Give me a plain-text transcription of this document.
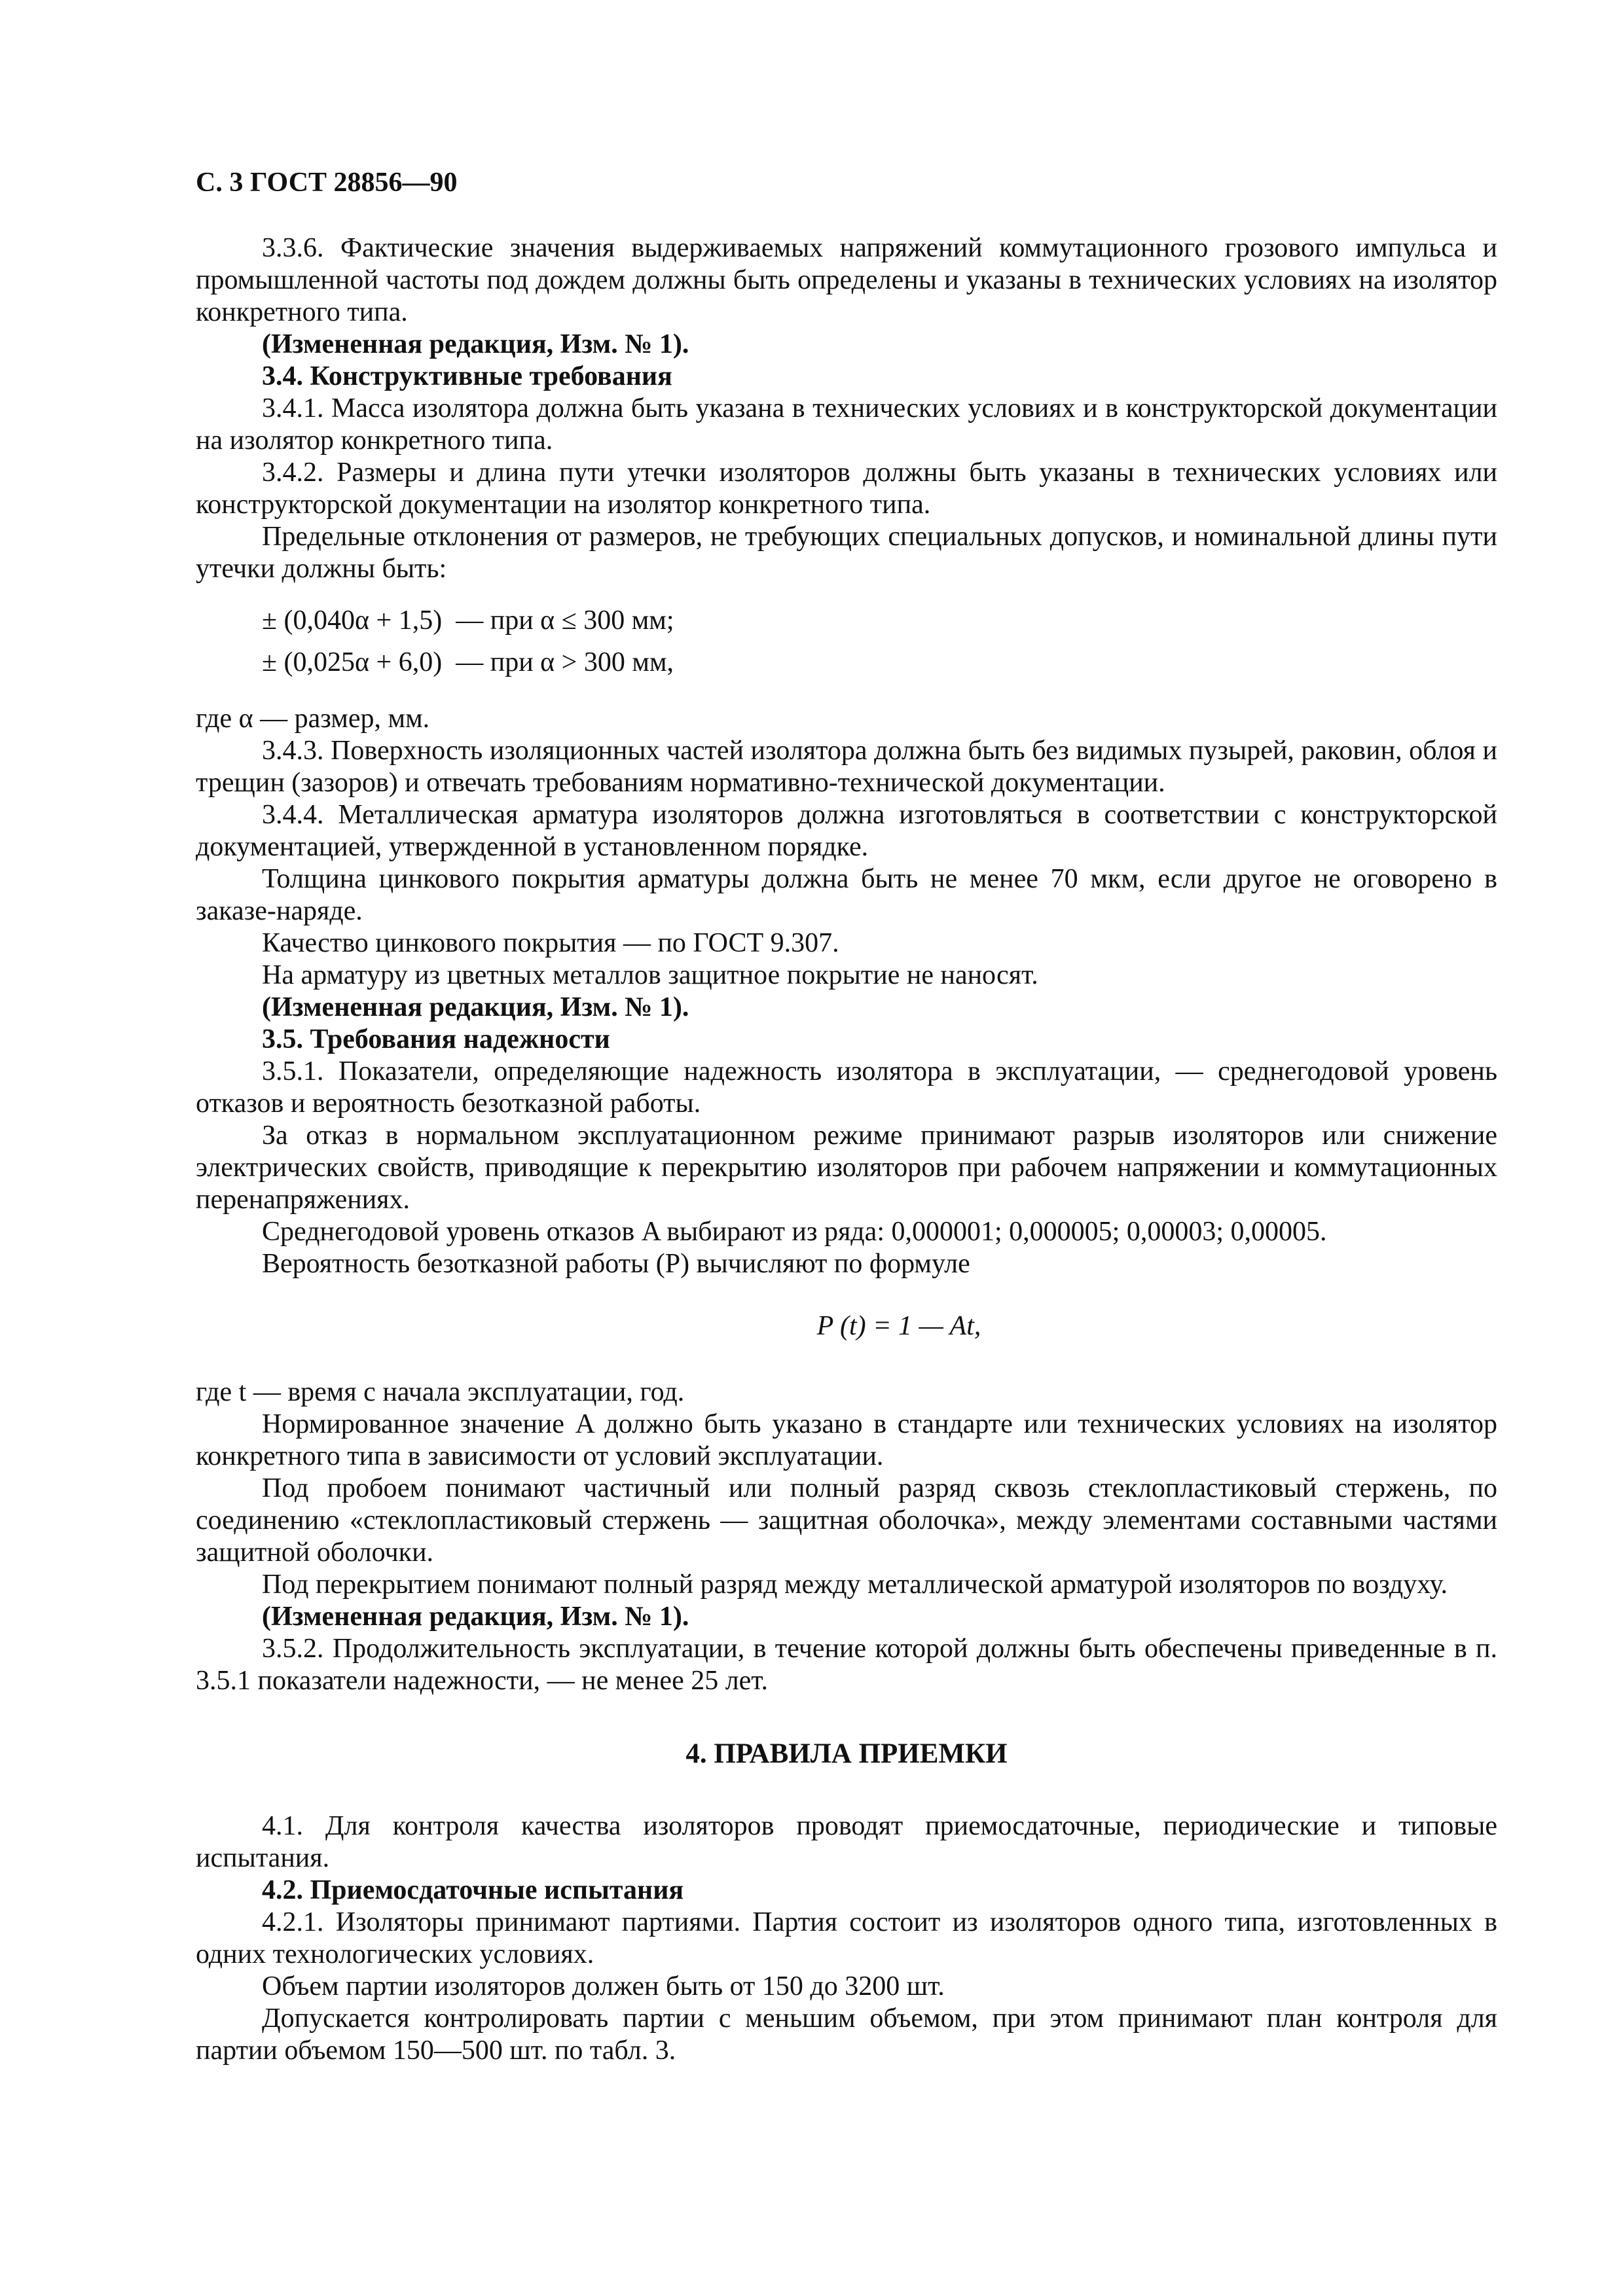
С. 3 ГОСТ 28856—90
3.3.6. Фактические значения выдерживаемых напряжений коммутационного грозового импульса и промышленной частоты под дождем должны быть определены и указаны в технических условиях на изолятор конкретного типа.
(Измененная редакция, Изм. № 1).
3.4. Конструктивные требования
3.4.1. Масса изолятора должна быть указана в технических условиях и в конструкторской документации на изолятор конкретного типа.
3.4.2. Размеры и длина пути утечки изоляторов должны быть указаны в технических условиях или конструкторской документации на изолятор конкретного типа.
Предельные отклонения от размеров, не требующих специальных допусков, и номинальной длины пути утечки должны быть:
± (0,040α + 1,5)  — при α ≤ 300 мм;
± (0,025α + 6,0)  — при α > 300 мм,
где α — размер, мм.
3.4.3. Поверхность изоляционных частей изолятора должна быть без видимых пузырей, раковин, облоя и трещин (зазоров) и отвечать требованиям нормативно-технической документации.
3.4.4. Металлическая арматура изоляторов должна изготовляться в соответствии с конструкторской документацией, утвержденной в установленном порядке.
Толщина цинкового покрытия арматуры должна быть не менее 70 мкм, если другое не оговорено в заказе-наряде.
Качество цинкового покрытия — по ГОСТ 9.307.
На арматуру из цветных металлов защитное покрытие не наносят.
(Измененная редакция, Изм. № 1).
3.5. Требования надежности
3.5.1. Показатели, определяющие надежность изолятора в эксплуатации, — среднегодовой уровень отказов и вероятность безотказной работы.
За отказ в нормальном эксплуатационном режиме принимают разрыв изоляторов или снижение электрических свойств, приводящие к перекрытию изоляторов при рабочем напряжении и коммутационных перенапряжениях.
Среднегодовой уровень отказов A выбирают из ряда: 0,000001; 0,000005; 0,00003; 0,00005.
Вероятность безотказной работы (P) вычисляют по формуле
P (t) = 1 — At,
где t — время с начала эксплуатации, год.
Нормированное значение A должно быть указано в стандарте или технических условиях на изолятор конкретного типа в зависимости от условий эксплуатации.
Под пробоем понимают частичный или полный разряд сквозь стеклопластиковый стержень, по соединению «стеклопластиковый стержень — защитная оболочка», между элементами составными частями защитной оболочки.
Под перекрытием понимают полный разряд между металлической арматурой изоляторов по воздуху.
(Измененная редакция, Изм. № 1).
3.5.2. Продолжительность эксплуатации, в течение которой должны быть обеспечены приведенные в п. 3.5.1 показатели надежности, — не менее 25 лет.
4. ПРАВИЛА ПРИЕМКИ
4.1. Для контроля качества изоляторов проводят приемосдаточные, периодические и типовые испытания.
4.2. Приемосдаточные испытания
4.2.1. Изоляторы принимают партиями. Партия состоит из изоляторов одного типа, изготовленных в одних технологических условиях.
Объем партии изоляторов должен быть от 150 до 3200 шт.
Допускается контролировать партии с меньшим объемом, при этом принимают план контроля для партии объемом 150—500 шт. по табл. 3.
